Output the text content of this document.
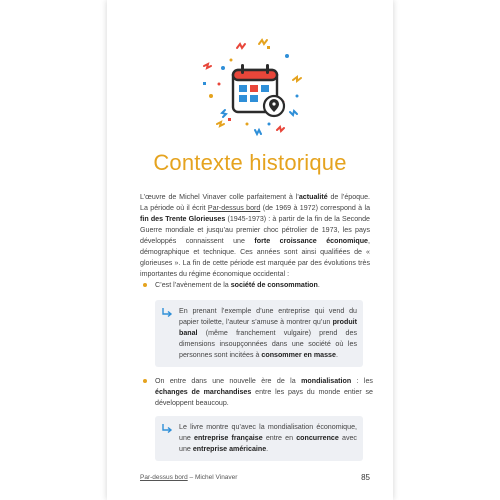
Contexte historique
L’œuvre de Michel Vinaver colle parfaitement à l’actualité de l’époque. La période où il écrit Par-dessus bord (de 1969 à 1972) correspond à la fin des Trente Glorieuses (1945-1973) : à partir de la fin de la Seconde Guerre mondiale et jusqu’au premier choc pétrolier de 1973, les pays développés connaissent une forte croissance économique, démographique et technique. Ces années sont ainsi qualifiées de « glorieuses ». La fin de cette période est marquée par des évolutions très importantes du régime économique occidental :
C’est l’avènement de la société de consommation.
En prenant l’exemple d’une entreprise qui vend du papier toilette, l’auteur s’amuse à montrer qu’un produit banal (même franchement vulgaire) prend des dimensions insoupçonnées dans une société où les personnes sont incitées à consommer en masse.
On entre dans une nouvelle ère de la mondialisation : les échanges de marchandises entre les pays du monde entier se développent beaucoup.
Le livre montre qu’avec la mondialisation économique, une entreprise française entre en concurrence avec une entreprise américaine.
Par-dessus bord – Michel Vinaver	85
